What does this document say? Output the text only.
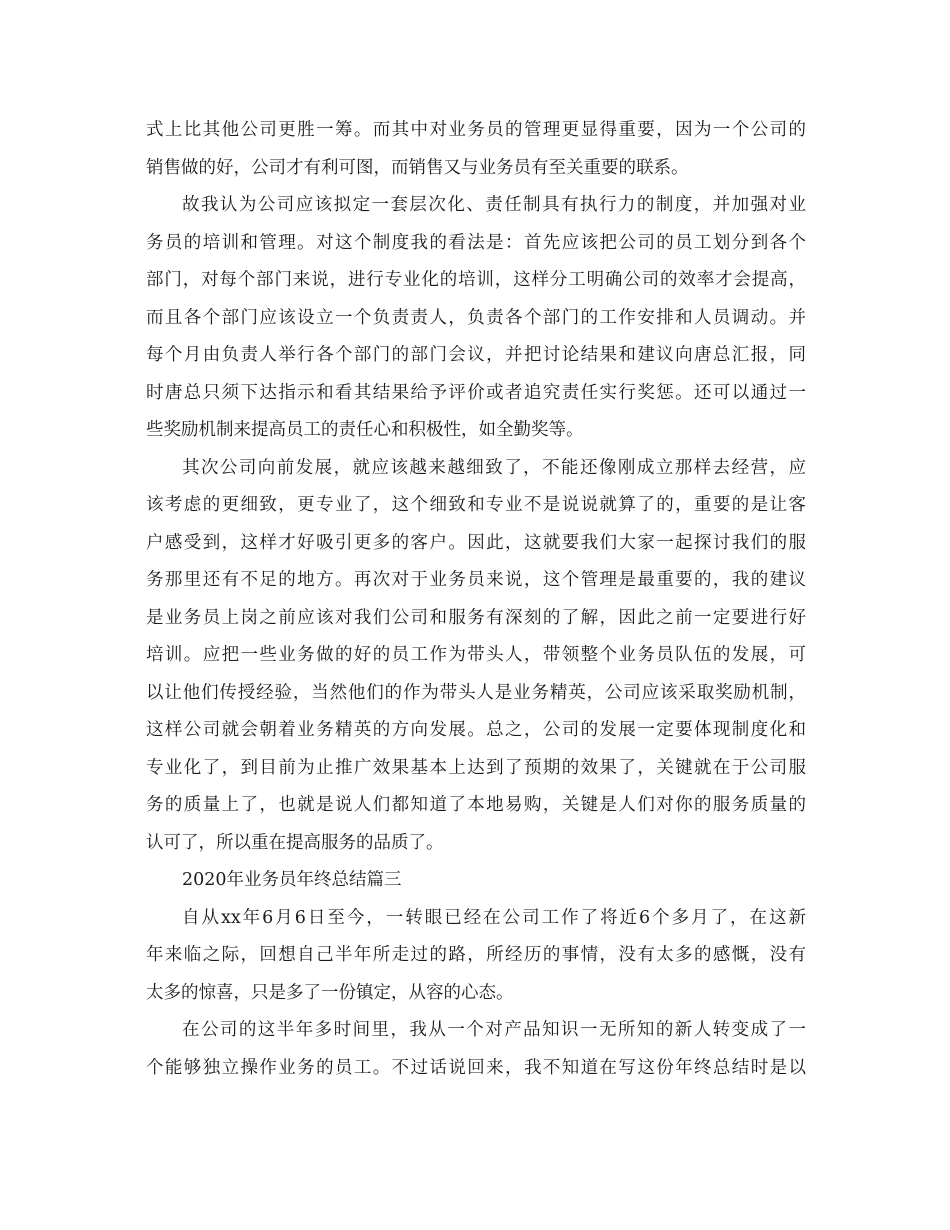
式上比其他公司更胜一筹。而其中对业务员的管理更显得重要，因为一个公司的
销售做的好，公司才有利可图，而销售又与业务员有至关重要的联系。
故我认为公司应该拟定一套层次化、责任制具有执行力的制度，并加强对业
务员的培训和管理。对这个制度我的看法是：首先应该把公司的员工划分到各个
部门，对每个部门来说，进行专业化的培训，这样分工明确公司的效率才会提高，
而且各个部门应该设立一个负责责人，负责各个部门的工作安排和人员调动。并
每个月由负责人举行各个部门的部门会议，并把讨论结果和建议向唐总汇报，同
时唐总只须下达指示和看其结果给予评价或者追究责任实行奖惩。还可以通过一
些奖励机制来提高员工的责任心和积极性，如全勤奖等。
其次公司向前发展，就应该越来越细致了，不能还像刚成立那样去经营，应
该考虑的更细致，更专业了，这个细致和专业不是说说就算了的，重要的是让客
户感受到，这样才好吸引更多的客户。因此，这就要我们大家一起探讨我们的服
务那里还有不足的地方。再次对于业务员来说，这个管理是最重要的，我的建议
是业务员上岗之前应该对我们公司和服务有深刻的了解，因此之前一定要进行好
培训。应把一些业务做的好的员工作为带头人，带领整个业务员队伍的发展，可
以让他们传授经验，当然他们的作为带头人是业务精英，公司应该采取奖励机制，
这样公司就会朝着业务精英的方向发展。总之，公司的发展一定要体现制度化和
专业化了，到目前为止推广效果基本上达到了预期的效果了，关键就在于公司服
务的质量上了，也就是说人们都知道了本地易购，关键是人们对你的服务质量的
认可了，所以重在提高服务的品质了。
2020年业务员年终总结篇三
自从xx年6月6日至今，一转眼已经在公司工作了将近6个多月了，在这新
年来临之际，回想自己半年所走过的路，所经历的事情，没有太多的感慨，没有
太多的惊喜，只是多了一份镇定，从容的心态。
在公司的这半年多时间里，我从一个对产品知识一无所知的新人转变成了一
个能够独立操作业务的员工。不过话说回来，我不知道在写这份年终总结时是以
